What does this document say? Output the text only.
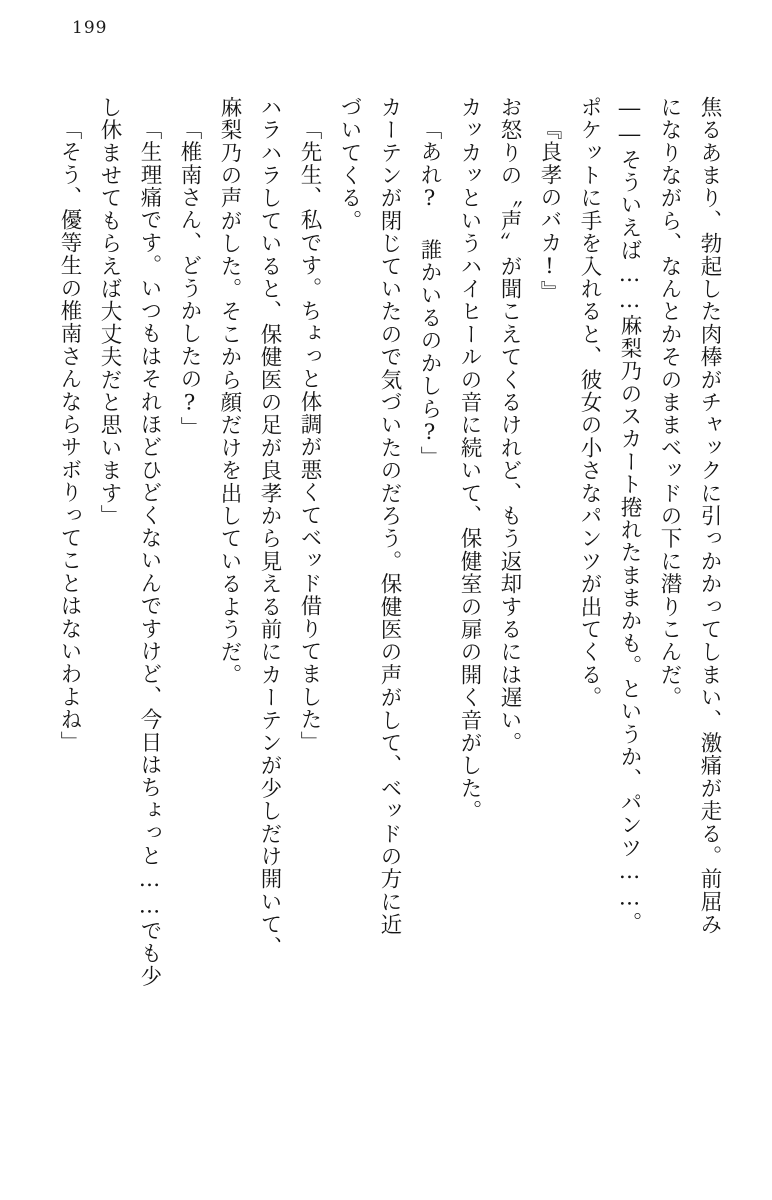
199
焦るあまり、勃起した肉棒がチャックに引っかかってしまい、激痛が走る。前屈み
になりながら、なんとかそのままベッドの下に潜りこんだ。
――そういえば……麻梨乃のスカート捲れたままかも。というか、パンツ……。
ポケットに手を入れると、彼女の小さなパンツが出てくる。
『良孝のバカ!』
お怒りの〝声〟が聞こえてくるけれど、もう返却するには遅い。
カッカッというハイヒールの音に続いて、保健室の扉の開く音がした。
「あれ? 誰かいるのかしら?」
カーテンが閉じていたので気づいたのだろう。保健医の声がして、ベッドの方に近
づいてくる。
「先生、私です。ちょっと体調が悪くてベッド借りてました」
ハラハラしていると、保健医の足が良孝から見える前にカーテンが少しだけ開いて、
麻梨乃の声がした。そこから顔だけを出しているようだ。
「椎南さん、どうかしたの?」
「生理痛です。いつもはそれほどひどくないんですけど、今日はちょっと……でも少
し休ませてもらえば大丈夫だと思います」
「そう、優等生の椎南さんならサボりってことはないわよね」
